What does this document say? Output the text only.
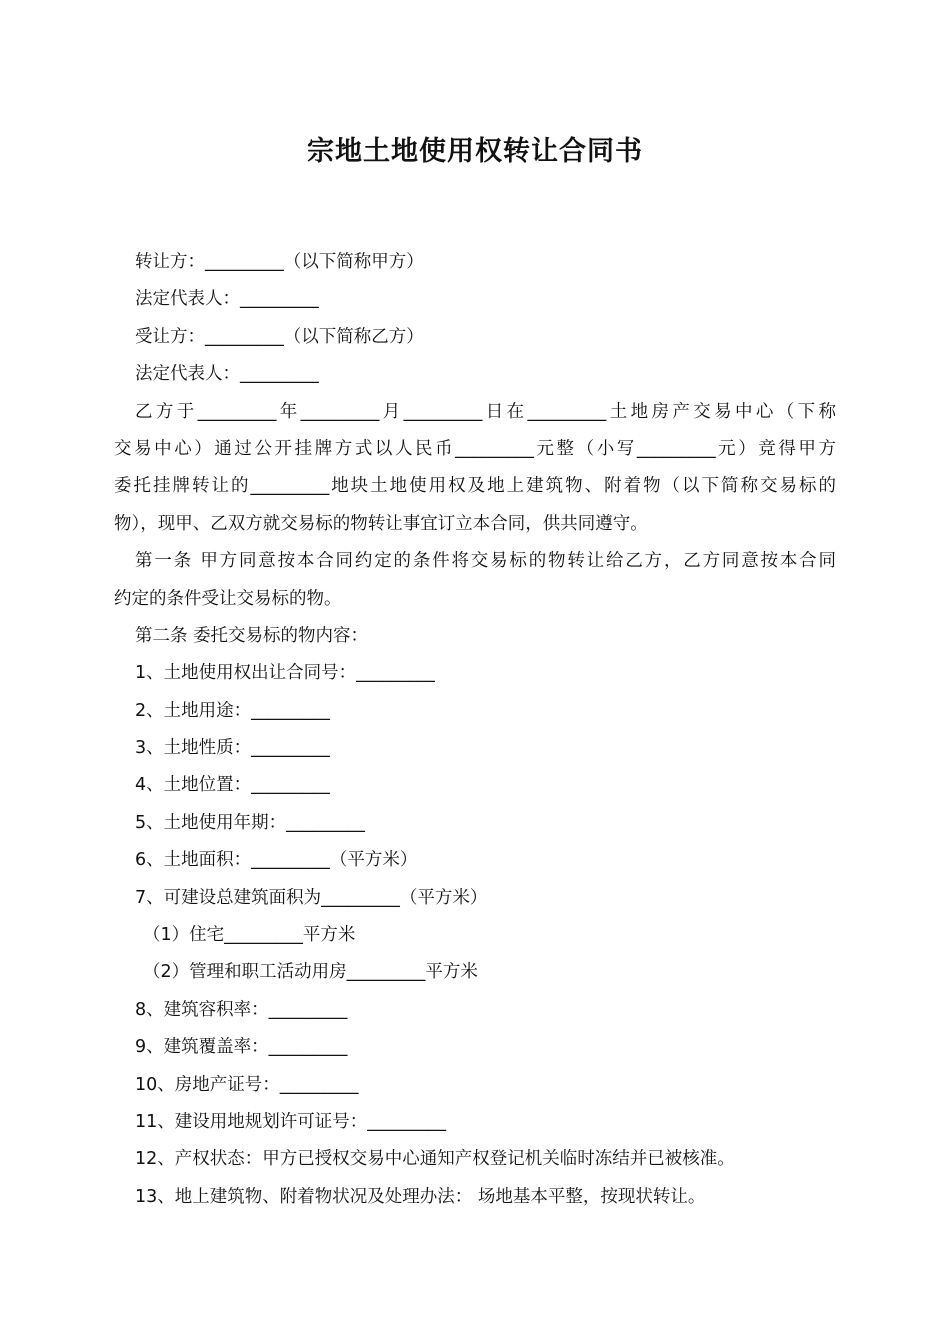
宗地土地使用权转让合同书
转让方：_________（以下简称甲方）
法定代表人：_________
受让方：_________（以下简称乙方）
法定代表人：_________
乙方于_________年_________月_________日在_________土地房产交易中心（下称
交易中心）通过公开挂牌方式以人民币_________元整（小写_________元）竞得甲方
委托挂牌转让的_________地块土地使用权及地上建筑物、附着物（以下简称交易标的
物），现甲、乙双方就交易标的物转让事宜订立本合同，供共同遵守。
第一条 甲方同意按本合同约定的条件将交易标的物转让给乙方，乙方同意按本合同
约定的条件受让交易标的物。
第二条 委托交易标的物内容：
1、土地使用权出让合同号：_________
2、土地用途：_________
3、土地性质：_________
4、土地位置：_________
5、土地使用年期：_________
6、土地面积：_________（平方米）
7、可建设总建筑面积为_________（平方米）
（1）住宅_________平方米
（2）管理和职工活动用房_________平方米
8、建筑容积率：_________
9、建筑覆盖率：_________
10、房地产证号：_________
11、建设用地规划许可证号：_________
12、产权状态：甲方已授权交易中心通知产权登记机关临时冻结并已被核准。
13、地上建筑物、附着物状况及处理办法： 场地基本平整，按现状转让。
